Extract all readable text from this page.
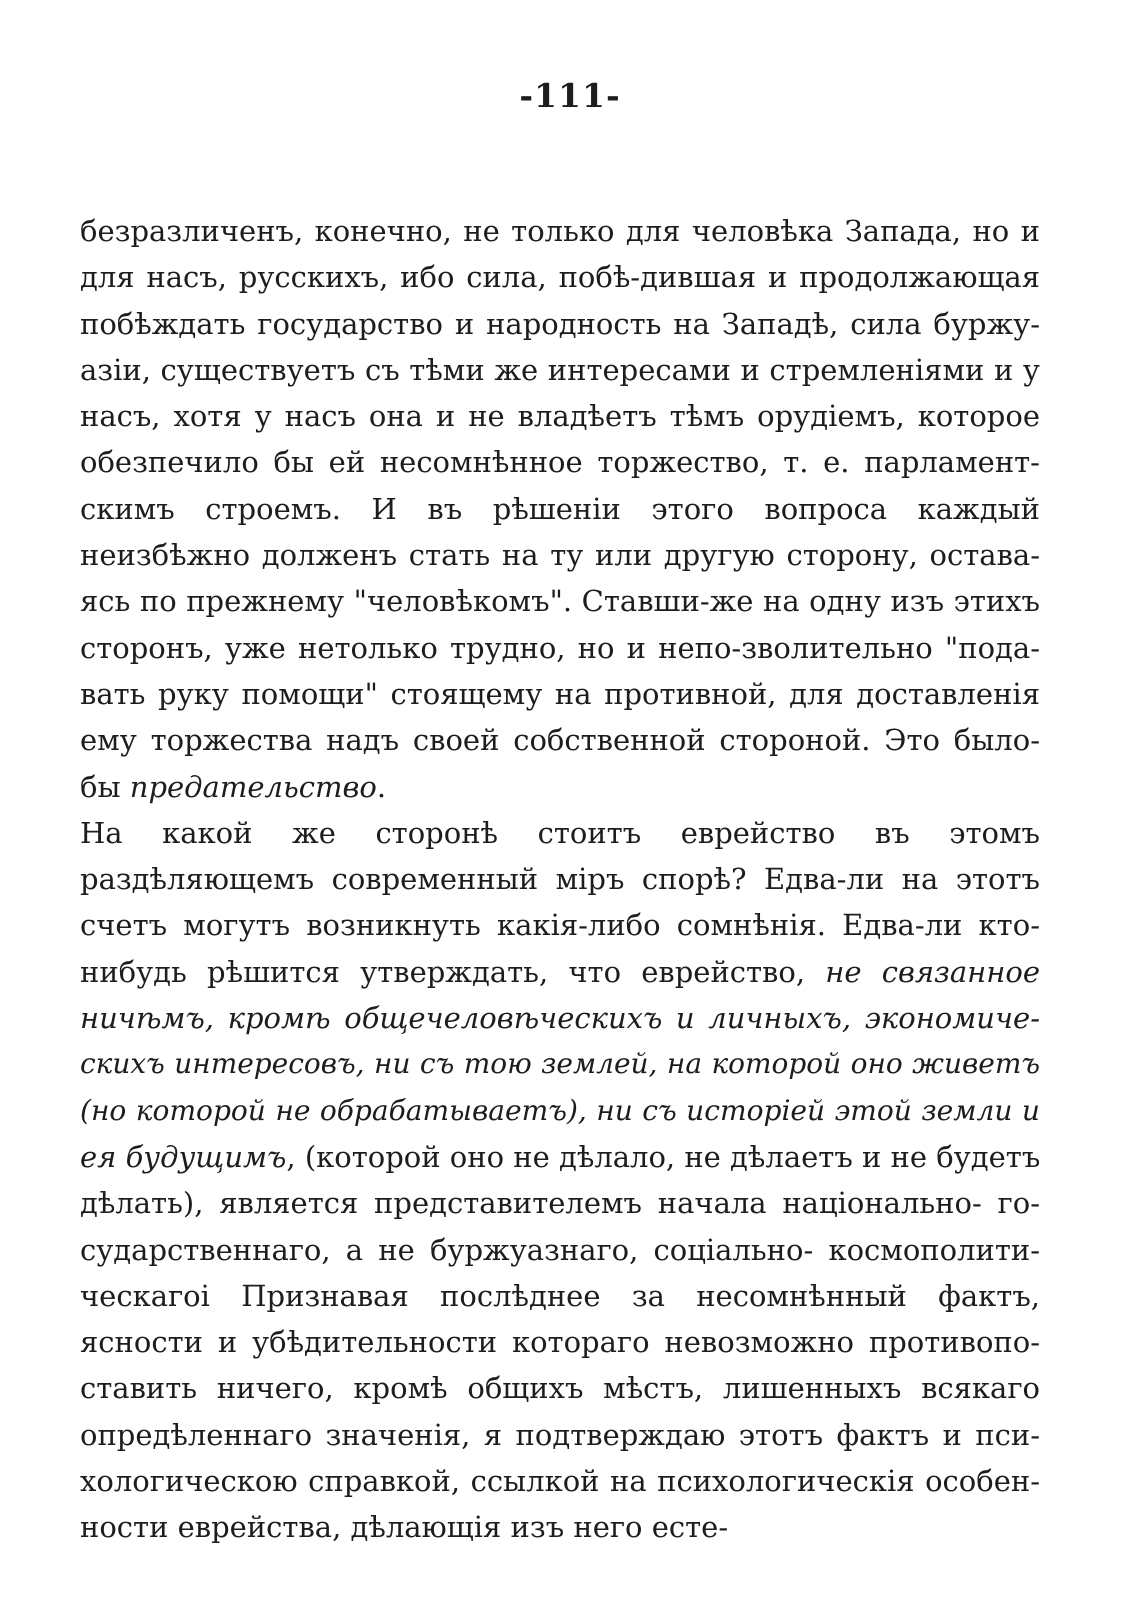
-111-
безразличенъ, конечно, не только для человѣка Запада, но и
для насъ, русскихъ, ибо сила, побѣ-дившая и продолжающая
побѣждать государство и народность на Западѣ, сила буржу-
азіи, существуетъ съ тѣми же интересами и стремленіями и у
насъ, хотя у насъ она и не владѣетъ тѣмъ орудіемъ, которое
обезпечило бы ей несомнѣнное торжество, т. е. парламент-
скимъ строемъ. И въ рѣшеніи этого вопроса каждый
неизбѣжно долженъ стать на ту или другую сторону, остава-
ясь по прежнему "человѣкомъ". Ставши-же на одну изъ этихъ
сторонъ, уже нетолько трудно, но и непо-зволительно "пода-
вать руку помощи" стоящему на противной, для доставленія
ему торжества надъ своей собственной стороной. Это было-
бы предательство.
На какой же сторонѣ стоитъ еврейство въ этомъ
раздѣляющемъ современный міръ спорѣ? Едва-ли на этотъ
счетъ могутъ возникнуть какія-либо сомнѣнія. Едва-ли кто-
нибудь рѣшится утверждать, что еврейство, не связанное
ничѣмъ, кромѣ общечеловѣческихъ и личныхъ, экономиче-
скихъ интересовъ, ни съ тою землей, на которой оно живетъ
(но которой не обрабатываетъ), ни съ исторіей этой земли и
ея будущимъ, (которой оно не дѣлало, не дѣлаетъ и не будетъ
дѣлать), является представителемъ начала національно- го-
сударственнаго, а не буржуазнаго, соціально- космополити-
ческагоі Признавая послѣднее за несомнѣнный фактъ,
ясности и убѣдительности котораго невозможно противопо-
ставить ничего, кромѣ общихъ мѣстъ, лишенныхъ всякаго
опредѣленнаго значенія, я подтверждаю этотъ фактъ и пси-
хологическою справкой, ссылкой на психологическія особен-
ности еврейства, дѣлающія изъ него есте-
